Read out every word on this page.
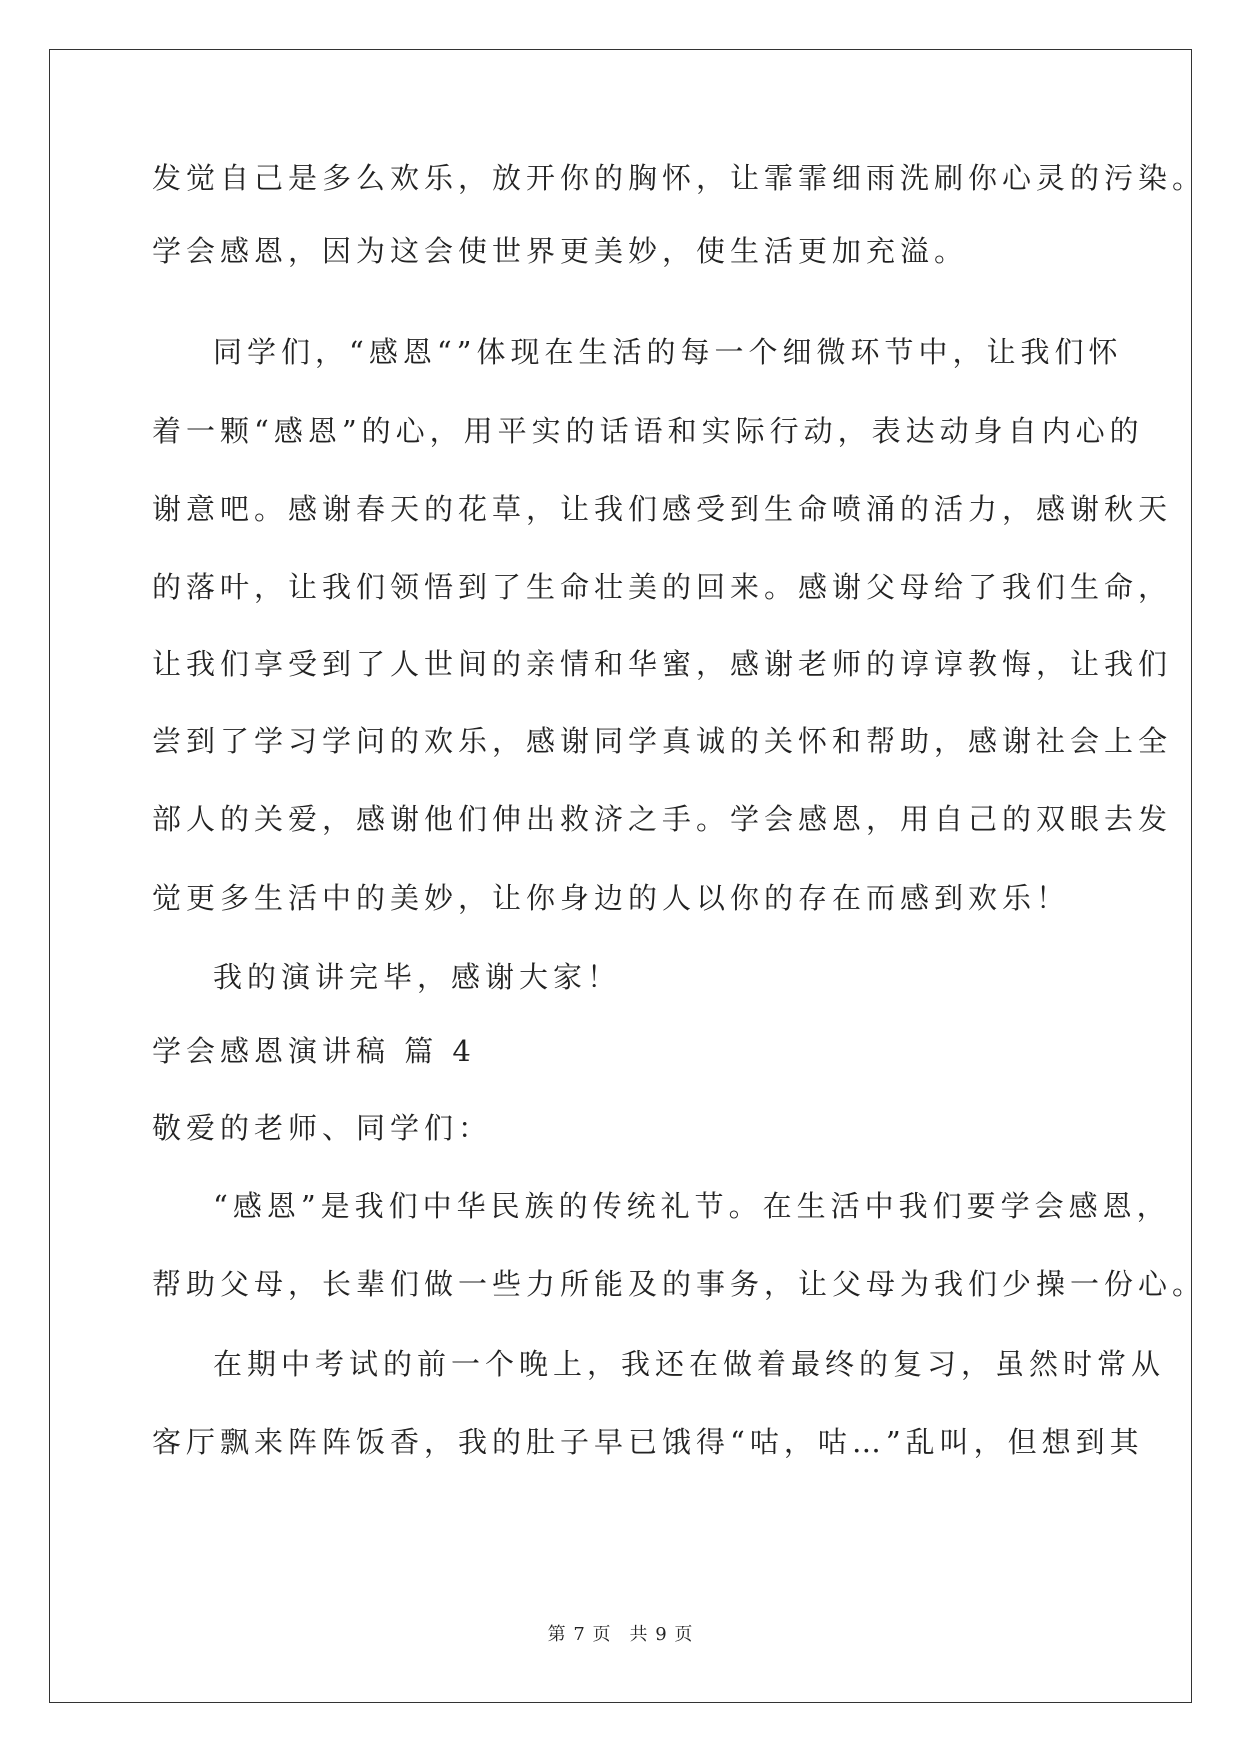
发觉自己是多么欢乐，放开你的胸怀，让霏霏细雨洗刷你心灵的污染。
学会感恩，因为这会使世界更美妙，使生活更加充溢。
同学们，“感恩“”体现在生活的每一个细微环节中，让我们怀
着一颗“感恩”的心，用平实的话语和实际行动，表达动身自内心的
谢意吧。感谢春天的花草，让我们感受到生命喷涌的活力，感谢秋天
的落叶，让我们领悟到了生命壮美的回来。感谢父母给了我们生命，
让我们享受到了人世间的亲情和华蜜，感谢老师的谆谆教悔，让我们
尝到了学习学问的欢乐，感谢同学真诚的关怀和帮助，感谢社会上全
部人的关爱，感谢他们伸出救济之手。学会感恩，用自己的双眼去发
觉更多生活中的美妙，让你身边的人以你的存在而感到欢乐！
我的演讲完毕，感谢大家！
学会感恩演讲稿 篇 4
敬爱的老师、同学们：
“感恩”是我们中华民族的传统礼节。在生活中我们要学会感恩，
帮助父母，长辈们做一些力所能及的事务，让父母为我们少操一份心。
在期中考试的前一个晚上，我还在做着最终的复习，虽然时常从
客厅飘来阵阵饭香，我的肚子早已饿得“咕，咕…”乱叫，但想到其
第 7 页 共 9 页
